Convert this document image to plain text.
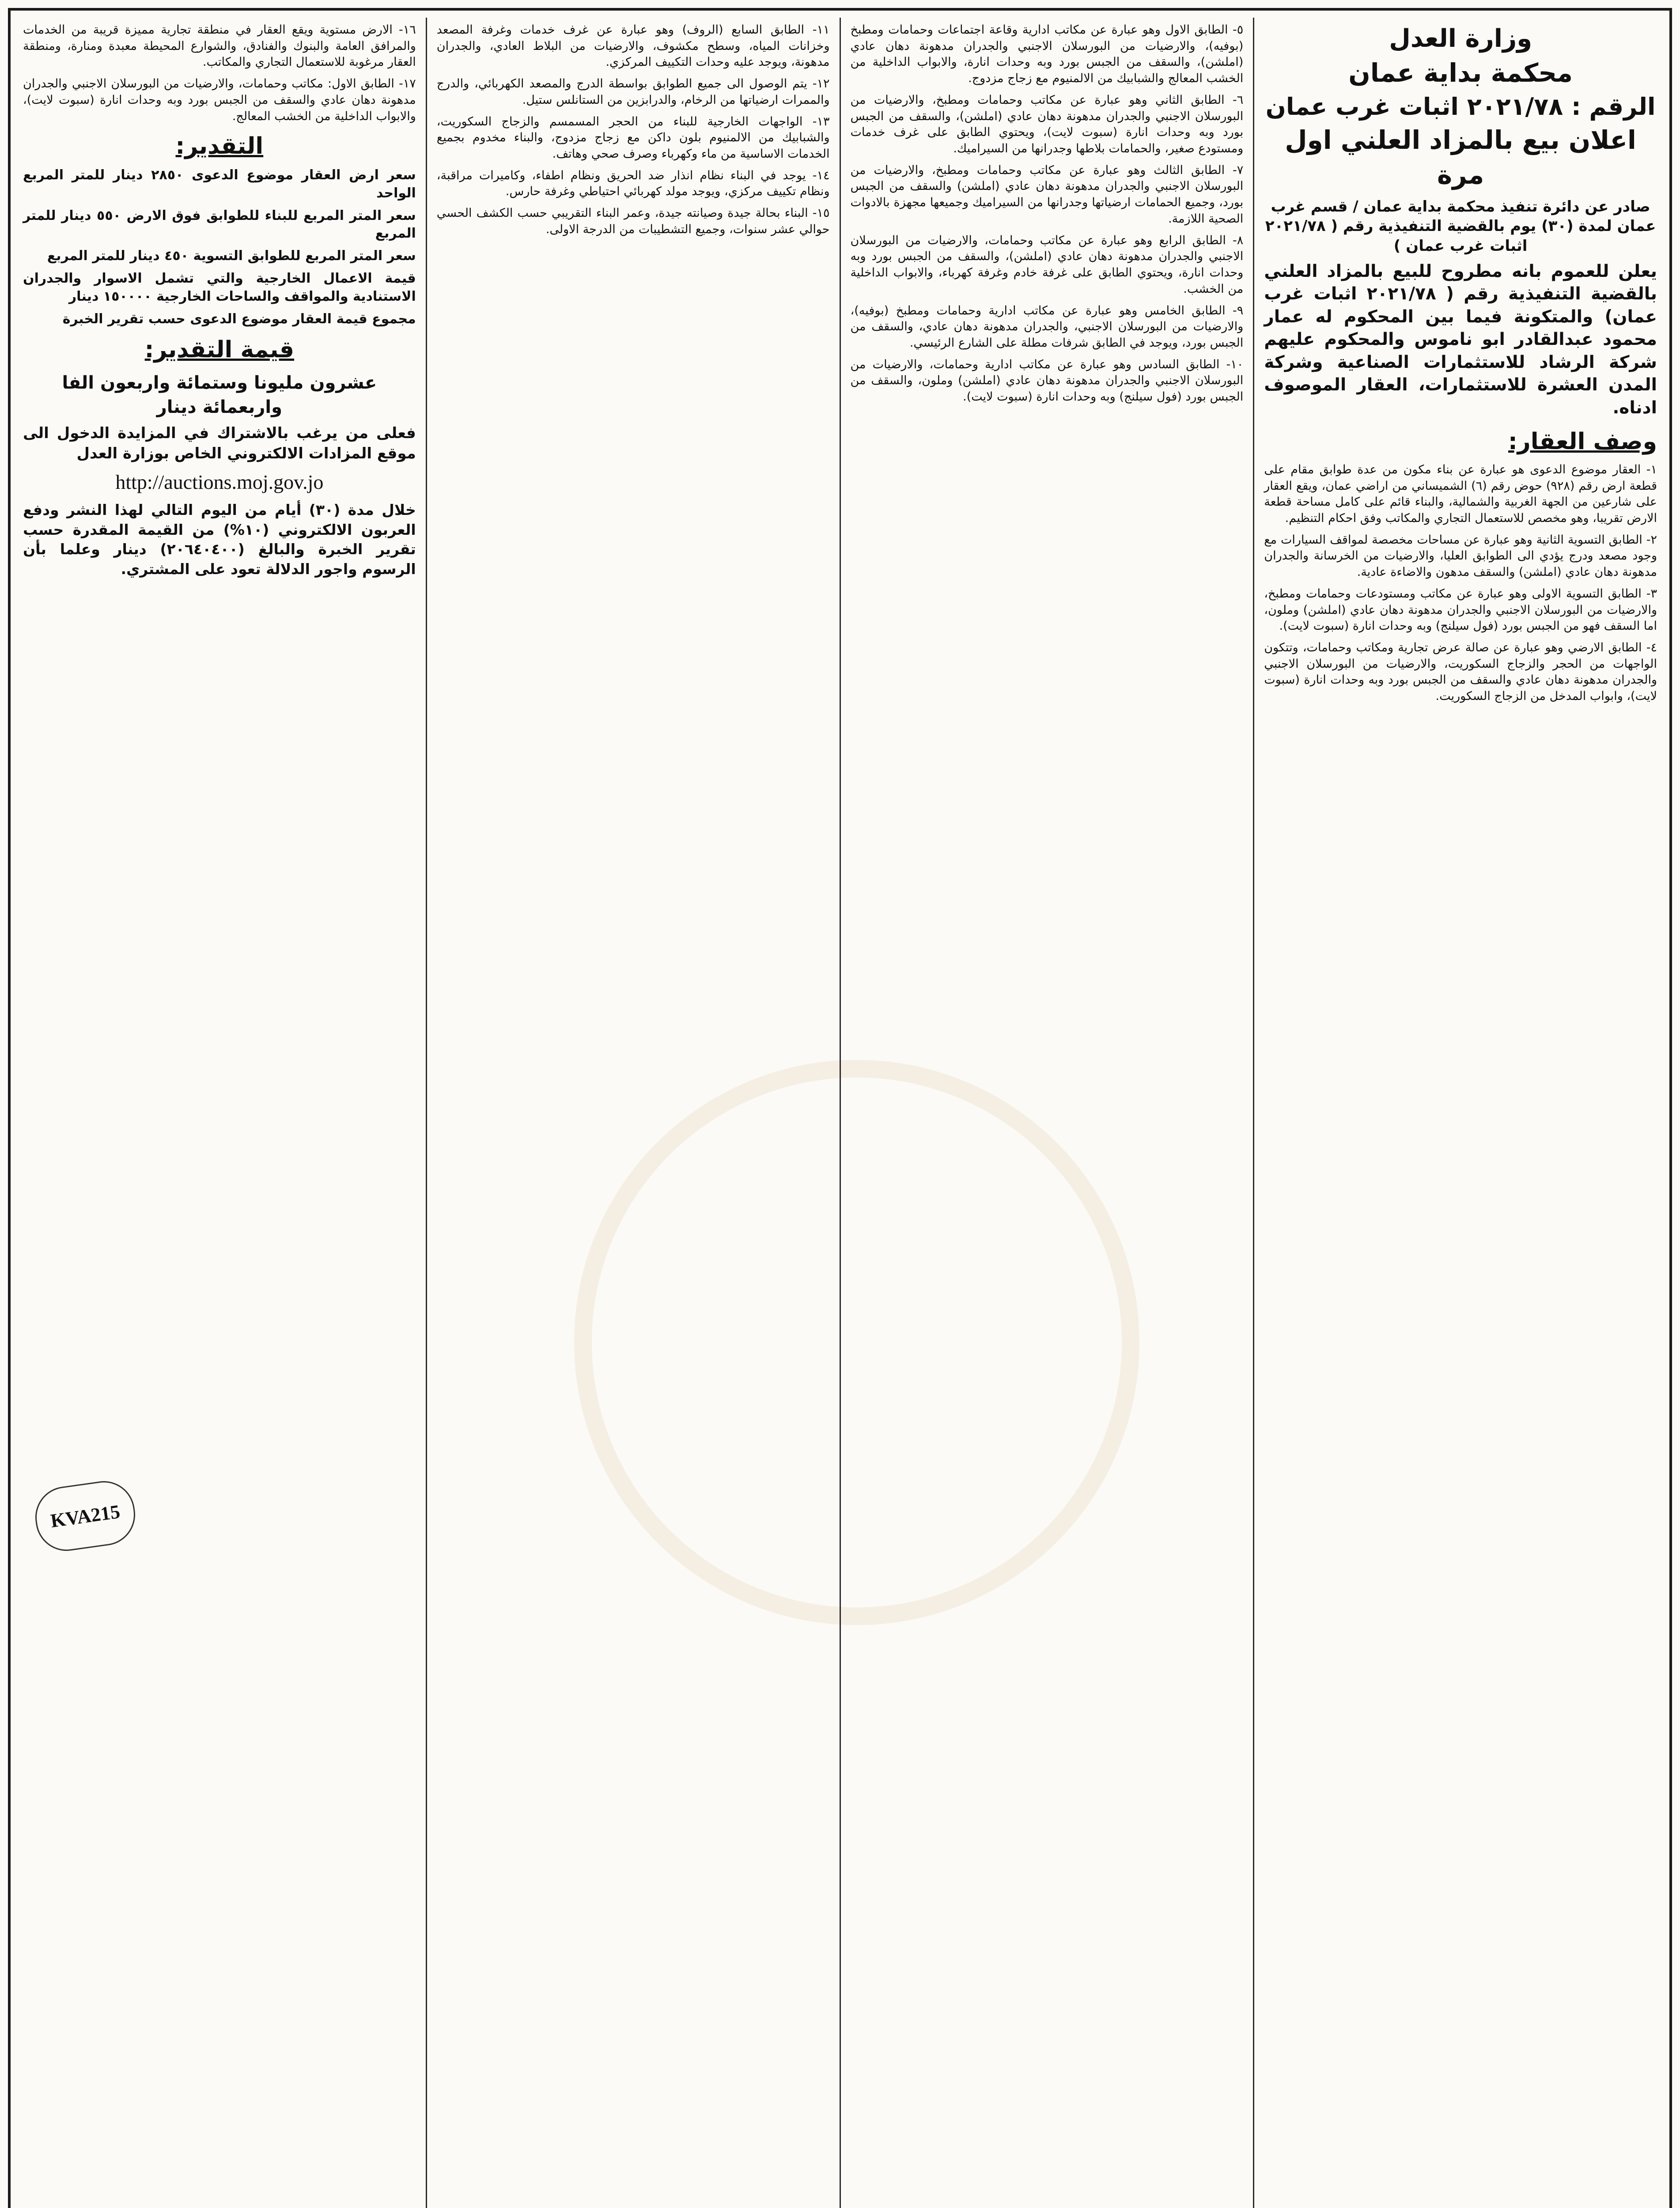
وزارة العدل
محكمة بداية عمان
الرقم : ٢٠٢١/٧٨ اثبات غرب عمان
اعلان بيع بالمزاد العلني اول مرة
صادر عن دائرة تنفيذ محكمة بداية عمان / قسم غرب عمان لمدة (٣٠) يوم بالقضية التنفيذية رقم ( ٢٠٢١/٧٨ اثبات غرب عمان )
يعلن للعموم بانه مطروح للبيع بالمزاد العلني بالقضية التنفيذية رقم ( ٢٠٢١/٧٨ اثبات غرب عمان) والمتكونة فيما بين المحكوم له عمار محمود عبدالقادر ابو ناموس والمحكوم عليهم شركة الرشاد للاستثمارات الصناعية وشركة المدن العشرة للاستثمارات، العقار الموصوف ادناه.
وصف العقار:

١- العقار موضوع الدعوى هو عبارة عن بناء مكون من عدة طوابق مقام على قطعة ارض رقم (٩٢٨) حوض رقم (٦) الشميساني من اراضي عمان، ويقع العقار على شارعين من الجهة الغربية والشمالية، والبناء قائم على كامل مساحة قطعة الارض تقريبا، وهو مخصص للاستعمال التجاري والمكاتب وفق احكام التنظيم.

٢- الطابق التسوية الثانية وهو عبارة عن مساحات مخصصة لمواقف السيارات مع وجود مصعد ودرج يؤدي الى الطوابق العليا، والارضيات من الخرسانة والجدران مدهونة دهان عادي (املشن) والسقف مدهون والاضاءة عادية.

٣- الطابق التسوية الاولى وهو عبارة عن مكاتب ومستودعات وحمامات ومطبخ، والارضيات من البورسلان الاجنبي والجدران مدهونة دهان عادي (املشن) وملون، اما السقف فهو من الجبس بورد (فول سيلنج) وبه وحدات انارة (سبوت لايت).

٤- الطابق الارضي وهو عبارة عن صالة عرض تجارية ومكاتب وحمامات، وتتكون الواجهات من الحجر والزجاج السكوريت، والارضيات من البورسلان الاجنبي والجدران مدهونة دهان عادي والسقف من الجبس بورد وبه وحدات انارة (سبوت لايت)، وابواب المدخل من الزجاج السكوريت.

٥- الطابق الاول وهو عبارة عن مكاتب ادارية وقاعة اجتماعات وحمامات ومطبخ (بوفيه)، والارضيات من البورسلان الاجنبي والجدران مدهونة دهان عادي (املشن)، والسقف من الجبس بورد وبه وحدات انارة، والابواب الداخلية من الخشب المعالج والشبابيك من الالمنيوم مع زجاج مزدوج.

٦- الطابق الثاني وهو عبارة عن مكاتب وحمامات ومطبخ، والارضيات من البورسلان الاجنبي والجدران مدهونة دهان عادي (املشن)، والسقف من الجبس بورد وبه وحدات انارة (سبوت لايت)، ويحتوي الطابق على غرف خدمات ومستودع صغير، والحمامات بلاطها وجدرانها من السيراميك.

٧- الطابق الثالث وهو عبارة عن مكاتب وحمامات ومطبخ، والارضيات من البورسلان الاجنبي والجدران مدهونة دهان عادي (املشن) والسقف من الجبس بورد، وجميع الحمامات ارضياتها وجدرانها من السيراميك وجميعها مجهزة بالادوات الصحية اللازمة.

٨- الطابق الرابع وهو عبارة عن مكاتب وحمامات، والارضيات من البورسلان الاجنبي والجدران مدهونة دهان عادي (املشن)، والسقف من الجبس بورد وبه وحدات انارة، ويحتوي الطابق على غرفة خادم وغرفة كهرباء، والابواب الداخلية من الخشب.

٩- الطابق الخامس وهو عبارة عن مكاتب ادارية وحمامات ومطبخ (بوفيه)، والارضيات من البورسلان الاجنبي، والجدران مدهونة دهان عادي، والسقف من الجبس بورد، ويوجد في الطابق شرفات مطلة على الشارع الرئيسي.

١٠- الطابق السادس وهو عبارة عن مكاتب ادارية وحمامات، والارضيات من البورسلان الاجنبي والجدران مدهونة دهان عادي (املشن) وملون، والسقف من الجبس بورد (فول سيلنج) وبه وحدات انارة (سبوت لايت).

١١- الطابق السابع (الروف) وهو عبارة عن غرف خدمات وغرفة المصعد وخزانات المياه، وسطح مكشوف، والارضيات من البلاط العادي، والجدران مدهونة، ويوجد عليه وحدات التكييف المركزي.

١٢- يتم الوصول الى جميع الطوابق بواسطة الدرج والمصعد الكهربائي، والدرج والممرات ارضياتها من الرخام، والدرابزين من الستانلس ستيل.

١٣- الواجهات الخارجية للبناء من الحجر المسمسم والزجاج السكوريت، والشبابيك من الالمنيوم بلون داكن مع زجاج مزدوج، والبناء مخدوم بجميع الخدمات الاساسية من ماء وكهرباء وصرف صحي وهاتف.

١٤- يوجد في البناء نظام انذار ضد الحريق ونظام اطفاء، وكاميرات مراقبة، ونظام تكييف مركزي، ويوجد مولد كهربائي احتياطي وغرفة حارس.

١٥- البناء بحالة جيدة وصيانته جيدة، وعمر البناء التقريبي حسب الكشف الحسي حوالي عشر سنوات، وجميع التشطيبات من الدرجة الاولى.

١٦- الارض مستوية ويقع العقار في منطقة تجارية مميزة قريبة من الخدمات والمرافق العامة والبنوك والفنادق، والشوارع المحيطة معبدة ومنارة، ومنطقة العقار مرغوبة للاستعمال التجاري والمكاتب.

١٧- الطابق الاول: مكاتب وحمامات، والارضيات من البورسلان الاجنبي والجدران مدهونة دهان عادي والسقف من الجبس بورد وبه وحدات انارة (سبوت لايت)، والابواب الداخلية من الخشب المعالج.

التقدير:

سعر ارض العقار موضوع الدعوى ٢٨٥٠ دينار للمتر المربع الواحد

سعر المتر المربع للبناء للطوابق فوق الارض ٥٥٠ دينار للمتر المربع

سعر المتر المربع للطوابق التسوية ٤٥٠ دينار للمتر المربع

قيمة الاعمال الخارجية والتي تشمل الاسوار والجدران الاستنادية والمواقف والساحات الخارجية ١٥٠٠٠٠ دينار

مجموع قيمة العقار موضوع الدعوى حسب تقرير الخبرة

قيمة التقدير:
عشرون مليونا وستمائة واربعون الفا واربعمائة دينار
فعلى من يرغب بالاشتراك في المزايدة الدخول الى موقع المزادات الالكتروني الخاص بوزارة العدل
http://auctions.moj.gov.jo
خلال مدة (٣٠) أيام من اليوم التالي لهذا النشر ودفع العربون الالكتروني (١٠%) من القيمة المقدرة حسب تقرير الخبرة والبالغ (٢٠٦٤٠٤٠٠) دينار وعلما بأن الرسوم واجور الدلالة تعود على المشتري.
KVA215
